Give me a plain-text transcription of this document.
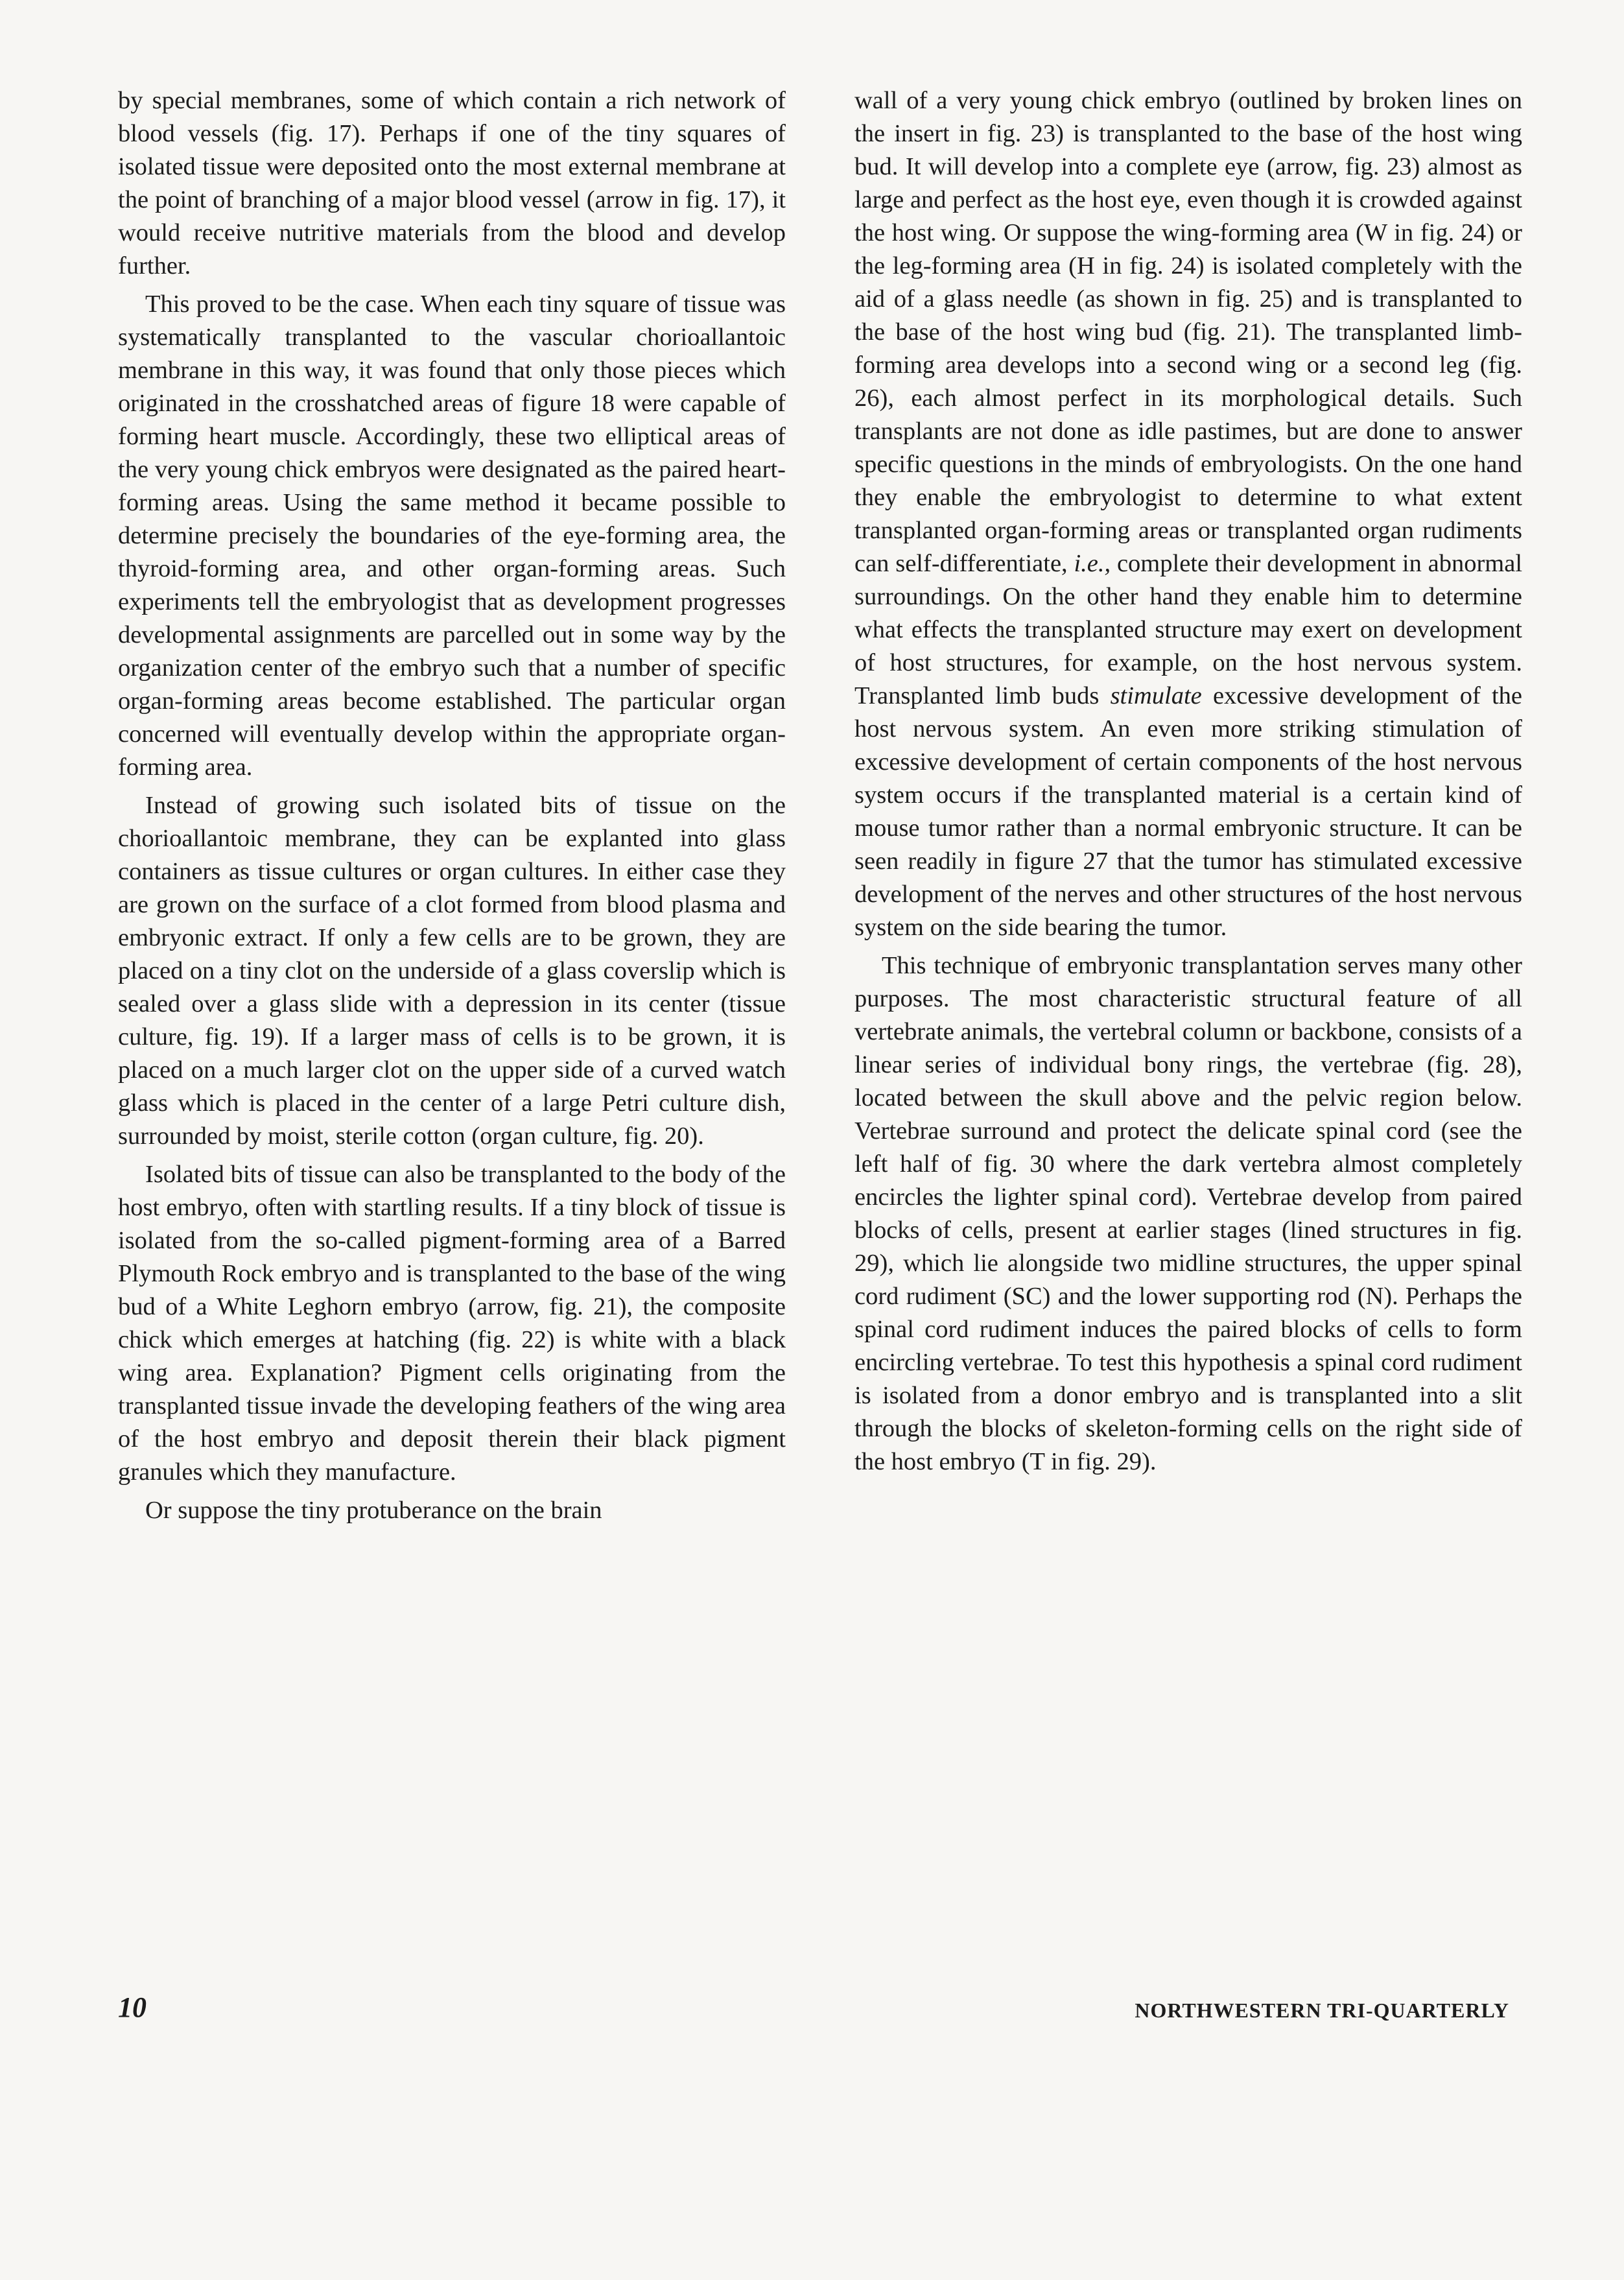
by special membranes, some of which contain a rich network of blood vessels (fig. 17). Perhaps if one of the tiny squares of isolated tissue were deposited onto the most external membrane at the point of branching of a major blood vessel (arrow in fig. 17), it would receive nutritive materials from the blood and develop further.

This proved to be the case. When each tiny square of tissue was systematically transplanted to the vascular chorioallantoic membrane in this way, it was found that only those pieces which originated in the crosshatched areas of figure 18 were capable of forming heart muscle. Accordingly, these two elliptical areas of the very young chick embryos were designated as the paired heart-forming areas. Using the same method it became possible to determine precisely the boundaries of the eye-forming area, the thyroid-forming area, and other organ-forming areas. Such experiments tell the embryologist that as development progresses developmental assignments are parcelled out in some way by the organization center of the embryo such that a number of specific organ-forming areas become established. The particular organ concerned will eventually develop within the appropriate organ-forming area.

Instead of growing such isolated bits of tissue on the chorioallantoic membrane, they can be explanted into glass containers as tissue cultures or organ cultures. In either case they are grown on the surface of a clot formed from blood plasma and embryonic extract. If only a few cells are to be grown, they are placed on a tiny clot on the underside of a glass coverslip which is sealed over a glass slide with a depression in its center (tissue culture, fig. 19). If a larger mass of cells is to be grown, it is placed on a much larger clot on the upper side of a curved watch glass which is placed in the center of a large Petri culture dish, surrounded by moist, sterile cotton (organ culture, fig. 20).

Isolated bits of tissue can also be transplanted to the body of the host embryo, often with startling results. If a tiny block of tissue is isolated from the so-called pigment-forming area of a Barred Plymouth Rock embryo and is transplanted to the base of the wing bud of a White Leghorn embryo (arrow, fig. 21), the composite chick which emerges at hatching (fig. 22) is white with a black wing area. Explanation? Pigment cells originating from the transplanted tissue invade the developing feathers of the wing area of the host embryo and deposit therein their black pigment granules which they manufacture.

Or suppose the tiny protuberance on the brain

wall of a very young chick embryo (outlined by broken lines on the insert in fig. 23) is transplanted to the base of the host wing bud. It will develop into a complete eye (arrow, fig. 23) almost as large and perfect as the host eye, even though it is crowded against the host wing. Or suppose the wing-forming area (W in fig. 24) or the leg-forming area (H in fig. 24) is isolated completely with the aid of a glass needle (as shown in fig. 25) and is transplanted to the base of the host wing bud (fig. 21). The transplanted limb-forming area develops into a second wing or a second leg (fig. 26), each almost perfect in its morphological details. Such transplants are not done as idle pastimes, but are done to answer specific questions in the minds of embryologists. On the one hand they enable the embryologist to determine to what extent transplanted organ-forming areas or transplanted organ rudiments can self-differentiate, i.e., complete their development in abnormal surroundings. On the other hand they enable him to determine what effects the transplanted structure may exert on development of host structures, for example, on the host nervous system. Transplanted limb buds stimulate excessive development of the host nervous system. An even more striking stimulation of excessive development of certain components of the host nervous system occurs if the transplanted material is a certain kind of mouse tumor rather than a normal embryonic structure. It can be seen readily in figure 27 that the tumor has stimulated excessive development of the nerves and other structures of the host nervous system on the side bearing the tumor.

This technique of embryonic transplantation serves many other purposes. The most characteristic structural feature of all vertebrate animals, the vertebral column or backbone, consists of a linear series of individual bony rings, the vertebrae (fig. 28), located between the skull above and the pelvic region below. Vertebrae surround and protect the delicate spinal cord (see the left half of fig. 30 where the dark vertebra almost completely encircles the lighter spinal cord). Vertebrae develop from paired blocks of cells, present at earlier stages (lined structures in fig. 29), which lie alongside two midline structures, the upper spinal cord rudiment (SC) and the lower supporting rod (N). Perhaps the spinal cord rudiment induces the paired blocks of cells to form encircling vertebrae. To test this hypothesis a spinal cord rudiment is isolated from a donor embryo and is transplanted into a slit through the blocks of skeleton-forming cells on the right side of the host embryo (T in fig. 29).

10	NORTHWESTERN TRI-QUARTERLY
